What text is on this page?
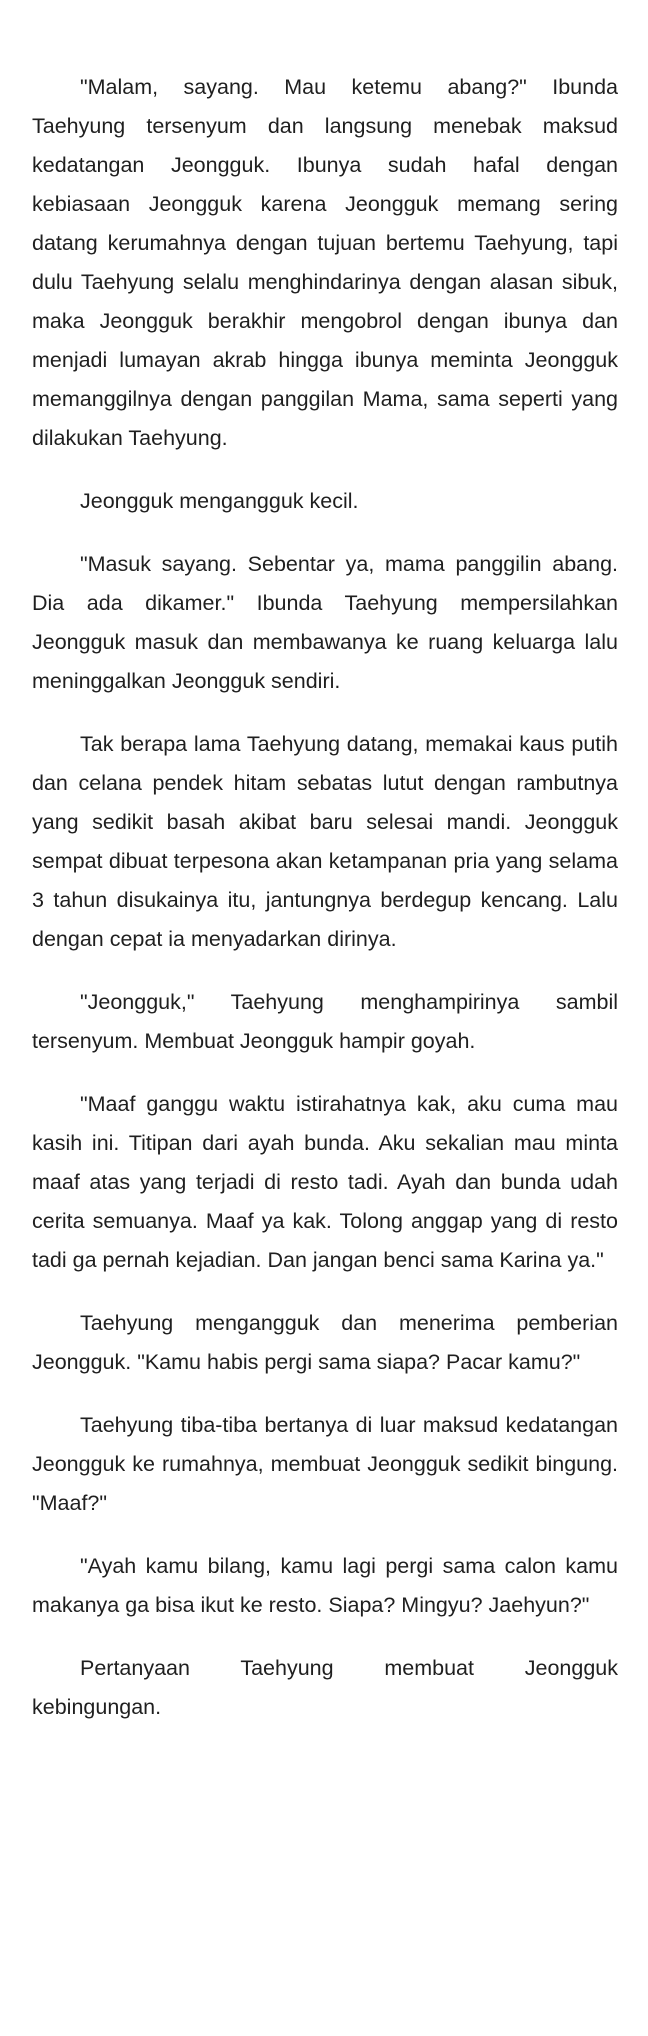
"Malam, sayang. Mau ketemu abang?" Ibunda Taehyung tersenyum dan langsung menebak maksud kedatangan Jeongguk. Ibunya sudah hafal dengan kebiasaan Jeongguk karena Jeongguk memang sering datang kerumahnya dengan tujuan bertemu Taehyung, tapi dulu Taehyung selalu menghindarinya dengan alasan sibuk, maka Jeongguk berakhir mengobrol dengan ibunya dan menjadi lumayan akrab hingga ibunya meminta Jeongguk memanggilnya dengan panggilan Mama, sama seperti yang dilakukan Taehyung.

Jeongguk mengangguk kecil.

"Masuk sayang. Sebentar ya, mama panggilin abang. Dia ada dikamer." Ibunda Taehyung mempersilahkan Jeongguk masuk dan membawanya ke ruang keluarga lalu meninggalkan Jeongguk sendiri.

Tak berapa lama Taehyung datang, memakai kaus putih dan celana pendek hitam sebatas lutut dengan rambutnya yang sedikit basah akibat baru selesai mandi. Jeongguk sempat dibuat terpesona akan ketampanan pria yang selama 3 tahun disukainya itu, jantungnya berdegup kencang. Lalu dengan cepat ia menyadarkan dirinya.

"Jeongguk," Taehyung menghampirinya sambil tersenyum. Membuat Jeongguk hampir goyah.

"Maaf ganggu waktu istirahatnya kak, aku cuma mau kasih ini. Titipan dari ayah bunda. Aku sekalian mau minta maaf atas yang terjadi di resto tadi. Ayah dan bunda udah cerita semuanya. Maaf ya kak. Tolong anggap yang di resto tadi ga pernah kejadian. Dan jangan benci sama Karina ya."

Taehyung mengangguk dan menerima pemberian Jeongguk. "Kamu habis pergi sama siapa? Pacar kamu?"

Taehyung tiba-tiba bertanya di luar maksud kedatangan Jeongguk ke rumahnya, membuat Jeongguk sedikit bingung. "Maaf?"

"Ayah kamu bilang, kamu lagi pergi sama calon kamu makanya ga bisa ikut ke resto. Siapa? Mingyu? Jaehyun?"

Pertanyaan Taehyung membuat Jeongguk kebingungan.
